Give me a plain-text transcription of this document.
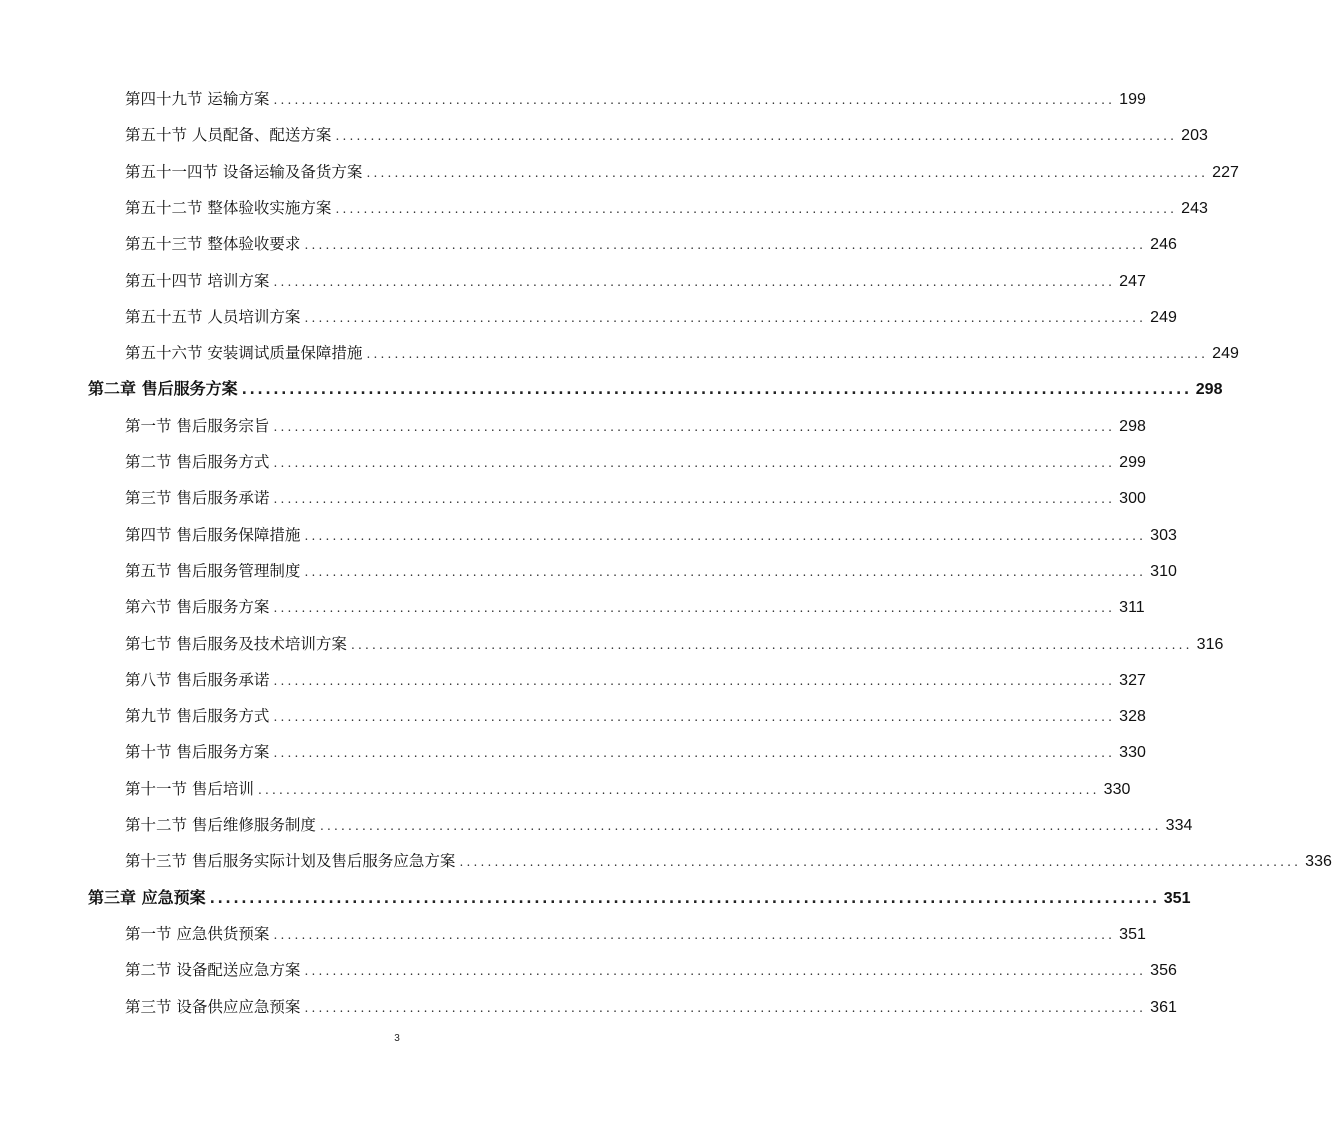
第四十九节 运输方案 ........................................................................................................................ 199
第五十节 人员配备、配送方案 ........................................................................................................................ 203
第五十一四节 设备运输及备货方案 ........................................................................................................................ 227
第五十二节 整体验收实施方案 ........................................................................................................................ 243
第五十三节 整体验收要求 ........................................................................................................................ 246
第五十四节 培训方案 ........................................................................................................................ 247
第五十五节 人员培训方案 ........................................................................................................................ 249
第五十六节 安装调试质量保障措施 ........................................................................................................................ 249
第二章 售后服务方案 ........................................................................................................................ 298
第一节 售后服务宗旨 ........................................................................................................................ 298
第二节 售后服务方式 ........................................................................................................................ 299
第三节 售后服务承诺 ........................................................................................................................ 300
第四节 售后服务保障措施 ........................................................................................................................ 303
第五节 售后服务管理制度 ........................................................................................................................ 310
第六节 售后服务方案 ........................................................................................................................ 311
第七节 售后服务及技术培训方案 ........................................................................................................................ 316
第八节 售后服务承诺 ........................................................................................................................ 327
第九节 售后服务方式 ........................................................................................................................ 328
第十节 售后服务方案 ........................................................................................................................ 330
第十一节 售后培训 ........................................................................................................................ 330
第十二节 售后维修服务制度 ........................................................................................................................ 334
第十三节 售后服务实际计划及售后服务应急方案 ........................................................................................................................ 336
第三章 应急预案 ........................................................................................................................ 351
第一节 应急供货预案 ........................................................................................................................ 351
第二节 设备配送应急方案 ........................................................................................................................ 356
第三节 设备供应应急预案 ........................................................................................................................ 361
3
